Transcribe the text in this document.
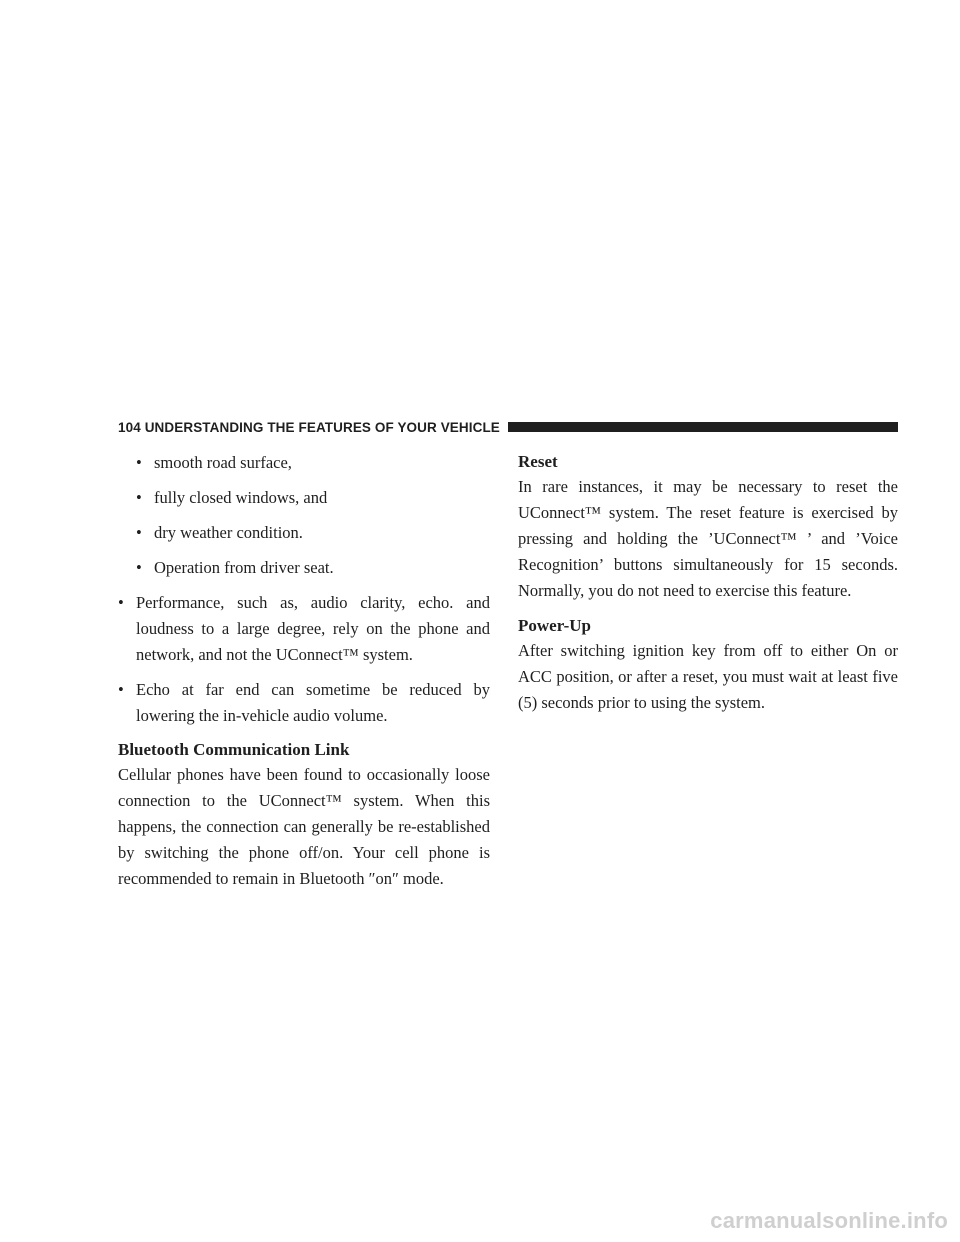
104 UNDERSTANDING THE FEATURES OF YOUR VEHICLE
• smooth road surface,
• fully closed windows, and
• dry weather condition.
• Operation from driver seat.
• Performance, such as, audio clarity, echo. and loudness to a large degree, rely on the phone and network, and not the UConnect™ system.
• Echo at far end can sometime be reduced by lowering the in-vehicle audio volume.
Bluetooth Communication Link

Cellular phones have been found to occasionally loose connection to the UConnect™ system. When this happens, the connection can generally be re-established by switching the phone off/on. Your cell phone is recommended to remain in Bluetooth ″on″ mode.

Reset

In rare instances, it may be necessary to reset the UConnect™ system. The reset feature is exercised by pressing and holding the ’UConnect™ ’ and ’Voice Recognition’ buttons simultaneously for 15 seconds. Normally, you do not need to exercise this feature.

Power-Up

After switching ignition key from off to either On or ACC position, or after a reset, you must wait at least five (5) seconds prior to using the system.

carmanualsonline.info
